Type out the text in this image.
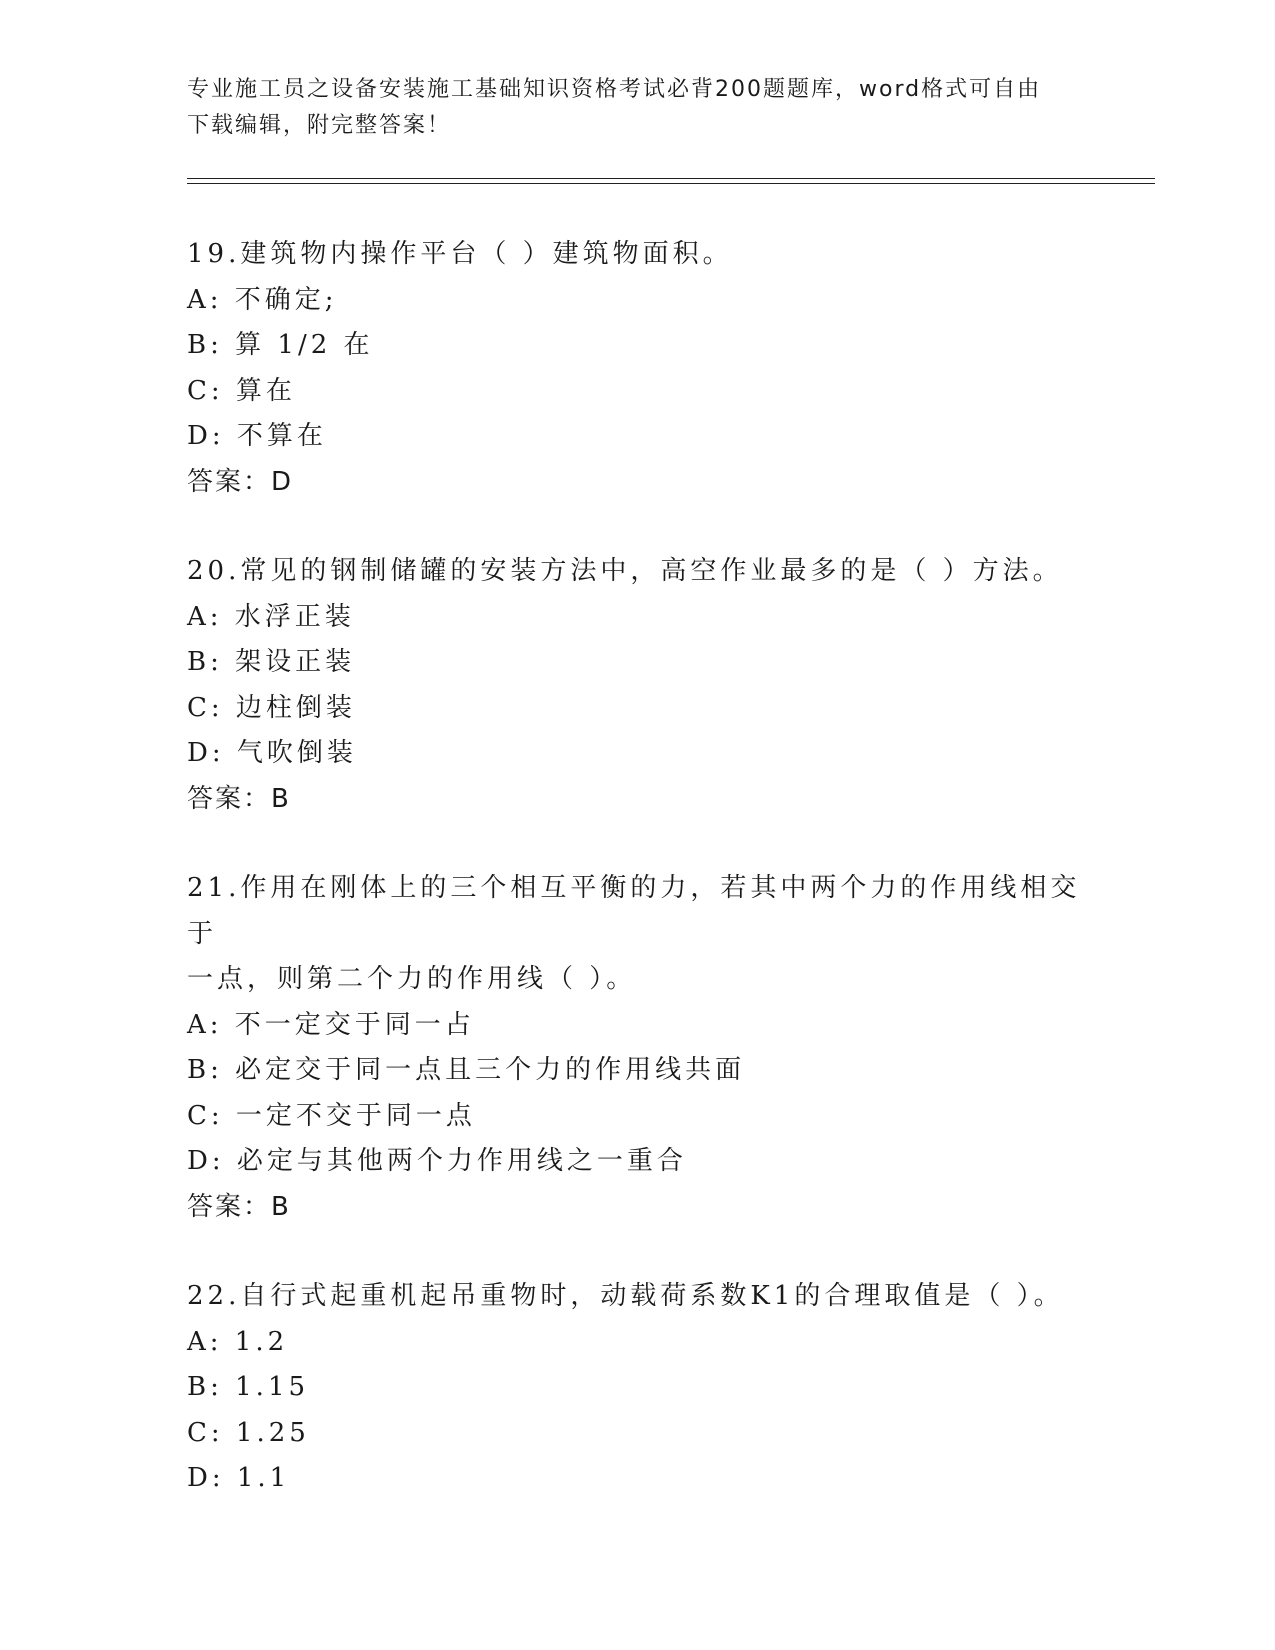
专业施工员之设备安装施工基础知识资格考试必背200题题库，word格式可自由
下载编辑，附完整答案！
19.建筑物内操作平台（ ）建筑物面积。
A: 不确定;
B: 算 1/2 在
C: 算在
D: 不算在
答案：D
20.常见的钢制储罐的安装方法中，高空作业最多的是（ ）方法。
A: 水浮正装
B: 架设正装
C: 边柱倒装
D: 气吹倒装
答案：B
21.作用在刚体上的三个相互平衡的力，若其中两个力的作用线相交于
一点，则第二个力的作用线（ ）。
A: 不一定交于同一占
B: 必定交于同一点且三个力的作用线共面
C: 一定不交于同一点
D: 必定与其他两个力作用线之一重合
答案：B
22.自行式起重机起吊重物时，动载荷系数K1的合理取值是（ ）。
A: 1.2
B: 1.15
C: 1.25
D: 1.1
